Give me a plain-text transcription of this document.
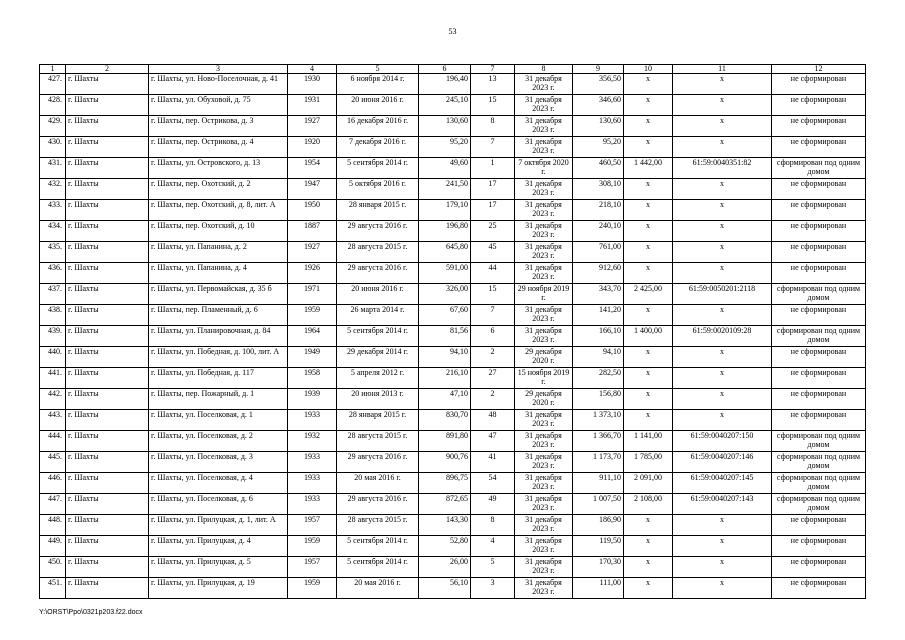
53
1	2	3	4	5	6	7	8	9	10	11	12
427.	г. Шахты	г. Шахты, ул. Ново-Поселочная, д. 41	1930	6 ноября 2014 г.	196,40	13	31 декабря 2023 г.	356,50	х	х	не сформирован
428.	г. Шахты	г. Шахты, ул. Обуховой, д. 75	1931	20 июня 2016 г.	245,10	15	31 декабря 2023 г.	346,60	х	х	не сформирован
429.	г. Шахты	г. Шахты, пер. Острикова, д. 3	1927	16 декабря 2016 г.	130,60	8	31 декабря 2023 г.	130,60	х	х	не сформирован
430.	г. Шахты	г. Шахты, пер. Острикова, д. 4	1920	7 декабря 2016 г.	95,20	7	31 декабря 2023 г.	95,20	х	х	не сформирован
431.	г. Шахты	г. Шахты, ул. Островского, д. 13	1954	5 сентября 2014 г.	49,60	1	7 октября 2020 г.	460,50	1 442,00	61:59:0040351:82	сформирован под одним домом
432.	г. Шахты	г. Шахты, пер. Охотский, д. 2	1947	5 октября 2016 г.	241,50	17	31 декабря 2023 г.	308,10	х	х	не сформирован
433.	г. Шахты	г. Шахты, пер. Охотский, д. 8, лит. А	1950	28 января 2015 г.	179,10	17	31 декабря 2023 г.	218,10	х	х	не сформирован
434.	г. Шахты	г. Шахты, пер. Охотский, д. 10	1887	29 августа 2016 г.	196,80	25	31 декабря 2023 г.	240,10	х	х	не сформирован
435.	г. Шахты	г. Шахты, ул. Папанина, д. 2	1927	28 августа 2015 г.	645,80	45	31 декабря 2023 г.	761,00	х	х	не сформирован
436.	г. Шахты	г. Шахты, ул. Папанина, д. 4	1926	29 августа 2016 г.	591,00	44	31 декабря 2023 г.	912,60	х	х	не сформирован
437.	г. Шахты	г. Шахты, ул. Первомайская, д. 35 б	1971	20 июня 2016 г.	326,00	15	29 ноября 2019 г.	343,70	2 425,00	61:59:0050201:2118	сформирован под одним домом
438.	г. Шахты	г. Шахты, пер. Пламенный, д. 6	1959	26 марта 2014 г.	67,60	7	31 декабря 2023 г.	141,20	х	х	не сформирован
439.	г. Шахты	г. Шахты, ул. Планировочная, д. 84	1964	5 сентября 2014 г.	81,56	6	31 декабря 2023 г.	166,10	1 400,00	61:59:0020109:28	сформирован под одним домом
440.	г. Шахты	г. Шахты, ул. Победная, д. 100, лит. А	1949	29 декабря 2014 г.	94,10	2	29 декабря 2020 г.	94,10	х	х	не сформирован
441.	г. Шахты	г. Шахты, ул. Победная, д. 117	1958	5 апреля 2012 г.	216,10	27	15 ноября 2019 г.	282,50	х	х	не сформирован
442.	г. Шахты	г. Шахты, пер. Пожарный, д. 1	1939	20 июня 2013 г.	47,10	2	29 декабря 2020 г.	156,80	х	х	не сформирован
443.	г. Шахты	г. Шахты, ул. Поселковая, д. 1	1933	28 января 2015 г.	830,70	48	31 декабря 2023 г.	1 373,10	х	х	не сформирован
444.	г. Шахты	г. Шахты, ул. Поселковая, д. 2	1932	28 августа 2015 г.	891,80	47	31 декабря 2023 г.	1 366,70	1 141,00	61:59:0040207:150	сформирован под одним домом
445.	г. Шахты	г. Шахты, ул. Поселковая, д. 3	1933	29 августа 2016 г.	900,76	41	31 декабря 2023 г.	1 173,70	1 785,00	61:59:0040207:146	сформирован под одним домом
446.	г. Шахты	г. Шахты, ул. Поселковая, д. 4	1933	20 мая 2016 г.	896,75	54	31 декабря 2023 г.	911,10	2 091,00	61:59:0040207:145	сформирован под одним домом
447.	г. Шахты	г. Шахты, ул. Поселковая, д. 6	1933	29 августа 2016 г.	872,65	49	31 декабря 2023 г.	1 007,50	2 108,00	61:59:0040207:143	сформирован под одним домом
448.	г. Шахты	г. Шахты, ул. Прилуцкая, д. 1, лит. А	1957	28 августа 2015 г.	143,30	8	31 декабря 2023 г.	186,90	х	х	не сформирован
449.	г. Шахты	г. Шахты, ул. Прилуцкая, д. 4	1959	5 сентября 2014 г.	52,80	4	31 декабря 2023 г.	119,50	х	х	не сформирован
450.	г. Шахты	г. Шахты, ул. Прилуцкая, д. 5	1957	5 сентября 2014 г.	26,00	5	31 декабря 2023 г.	170,30	х	х	не сформирован
451.	г. Шахты	г. Шахты, ул. Прилуцкая, д. 19	1959	20 мая 2016 г.	56,10	3	31 декабря 2023 г.	111,00	х	х	не сформирован
Y:\ORST\Ppo\0321p203.f22.docx
